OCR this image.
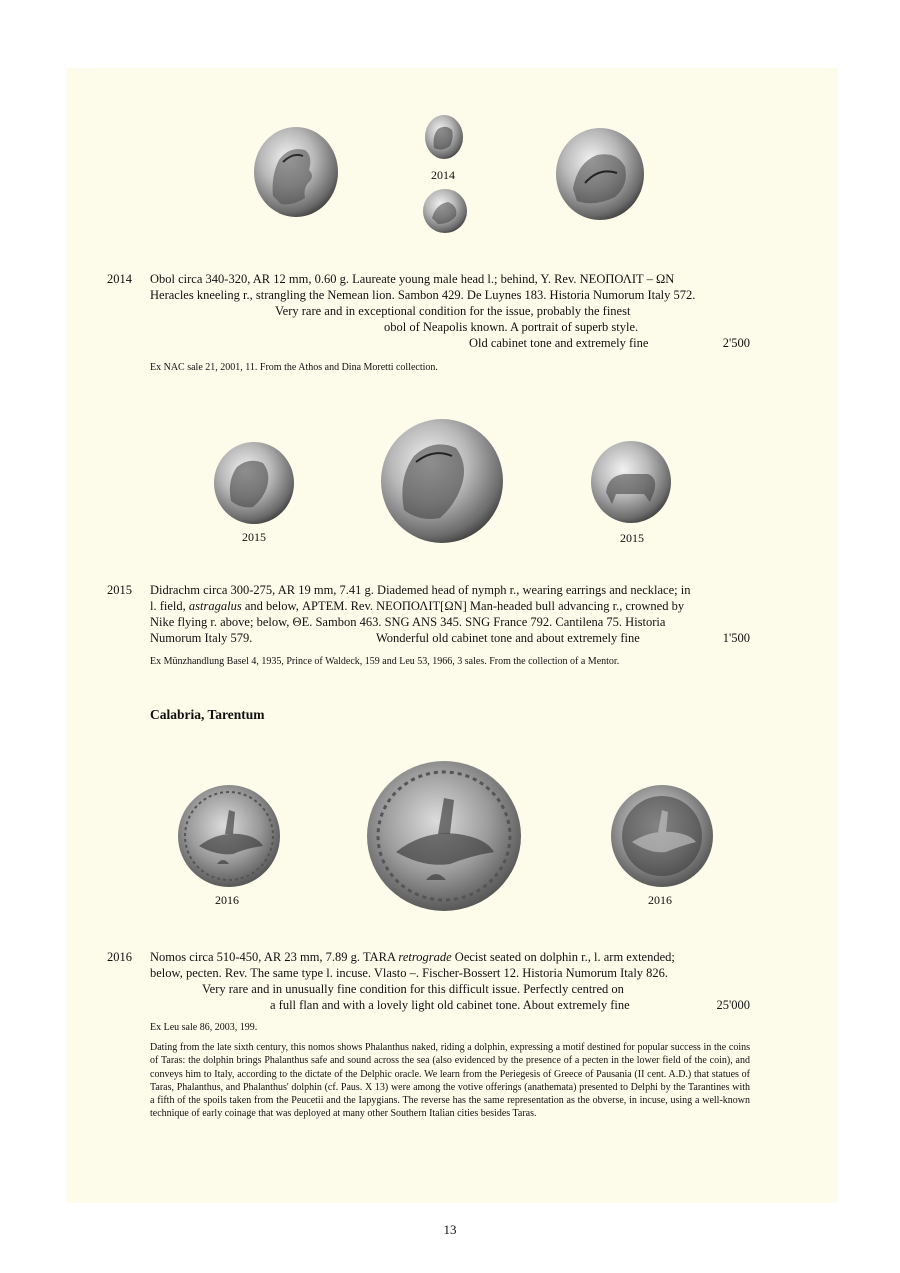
2014
2014 Obol circa 340-320, AR 12 mm, 0.60 g. Laureate young male head l.; behind, Y. Rev. ΝΕΟΠΟΛΙΤ – ΩΝ
Heracles kneeling r., strangling the Nemean lion. Sambon 429. De Luynes 183. Historia Numorum Italy 572.
Very rare and in exceptional condition for the issue, probably the finest
obol of Neapolis known. A portrait of superb style.
Old cabinet tone and extremely fine	2'500
Ex NAC sale 21, 2001, 11. From the Athos and Dina Moretti collection.
2015	2015
2015 Didrachm circa 300-275, AR 19 mm, 7.41 g. Diademed head of nymph r., wearing earrings and necklace; in
l. field, astragalus and below, ΑΡΤΕΜ. Rev. ΝΕΟΠΟΛΙΤ[ΩΝ] Man-headed bull advancing r., crowned by
Nike flying r. above; below, ΘΕ. Sambon 463. SNG ANS 345. SNG France 792. Cantilena 75. Historia
Numorum Italy 579.	Wonderful old cabinet tone and about extremely fine	1'500
Ex Münzhandlung Basel 4, 1935, Prince of Waldeck, 159 and Leu 53, 1966, 3 sales. From the collection of a Mentor.
Calabria, Tarentum
2016	2016
2016 Nomos circa 510-450, AR 23 mm, 7.89 g. TARA retrograde Oecist seated on dolphin r., l. arm extended;
below, pecten. Rev. The same type l. incuse. Vlasto –. Fischer-Bossert 12. Historia Numorum Italy 826.
Very rare and in unusually fine condition for this difficult issue. Perfectly centred on
a full flan and with a lovely light old cabinet tone. About extremely fine	25'000
Ex Leu sale 86, 2003, 199.
Dating from the late sixth century, this nomos shows Phalanthus naked, riding a dolphin, expressing a motif destined for popular success in the coins of Taras: the dolphin brings Phalanthus safe and sound across the sea (also evidenced by the presence of a pecten in the lower field of the coin), and conveys him to Italy, according to the dictate of the Delphic oracle. We learn from the Periegesis of Greece of Pausania (II cent. A.D.) that statues of Taras, Phalanthus, and Phalanthus' dolphin (cf. Paus. X 13) were among the votive offerings (anathemata) presented to Delphi by the Tarantines with a fifth of the spoils taken from the Peucetii and the Iapygians. The reverse has the same representation as the obverse, in incuse, using a well-known technique of early coinage that was deployed at many other Southern Italian cities besides Taras.
13
